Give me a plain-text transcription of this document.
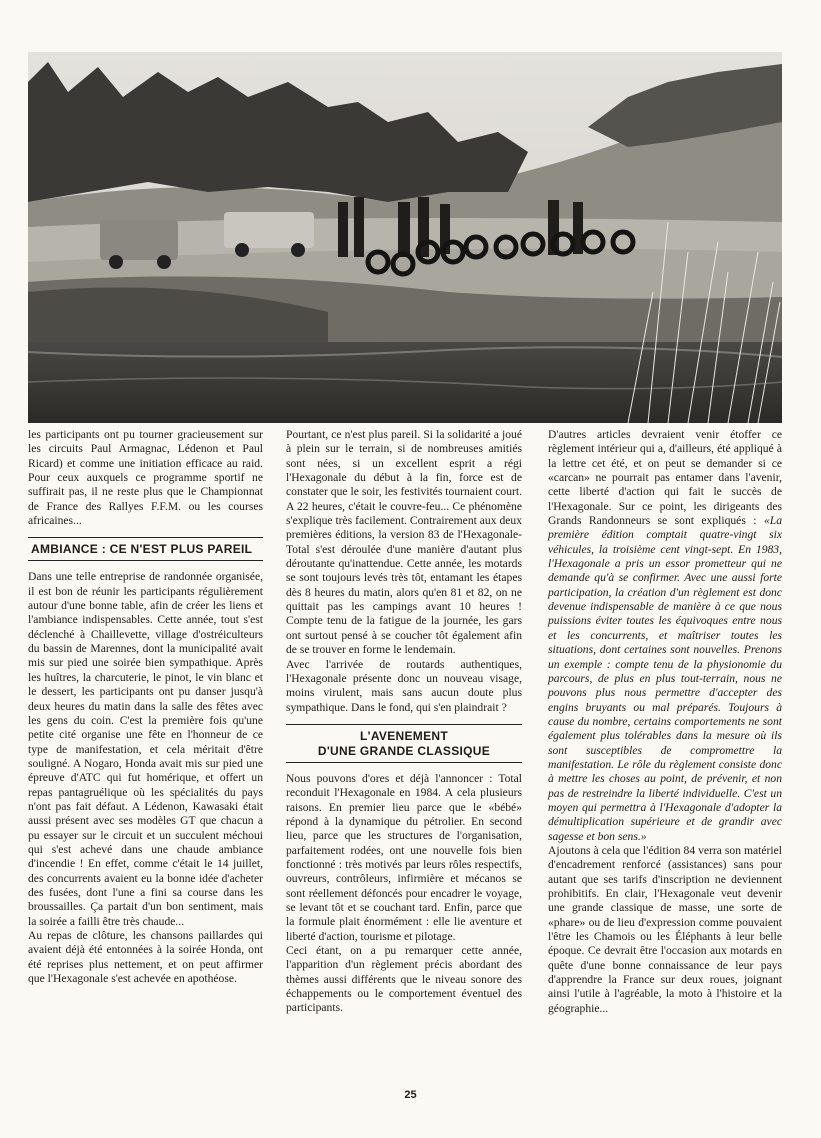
les participants ont pu tourner gracieusement sur les circuits Paul Armagnac, Lédenon et Paul Ricard) et comme une initiation efficace au raid. Pour ceux auxquels ce programme sportif ne suffirait pas, il ne reste plus que le Championnat de France des Rallyes F.F.M. ou les courses africaines...

AMBIANCE : CE N'EST PLUS PAREIL

Dans une telle entreprise de randonnée organisée, il est bon de réunir les participants régulièrement autour d'une bonne table, afin de créer les liens et l'ambiance indispensables. Cette année, tout s'est déclenché à Chaillevette, village d'ostréiculteurs du bassin de Marennes, dont la municipalité avait mis sur pied une soirée bien sympathique. Après les huîtres, la charcuterie, le pinot, le vin blanc et le dessert, les participants ont pu danser jusqu'à deux heures du matin dans la salle des fêtes avec les gens du coin. C'est la première fois qu'une petite cité organise une fête en l'honneur de ce type de manifestation, et cela méritait d'être souligné. A Nogaro, Honda avait mis sur pied une épreuve d'ATC qui fut homérique, et offert un repas pantagruélique où les spécialités du pays n'ont pas fait défaut. A Lédenon, Kawasaki était aussi présent avec ses modèles GT que chacun a pu essayer sur le circuit et un succulent méchoui qui s'est achevé dans une chaude ambiance d'incendie ! En effet, comme c'était le 14 juillet, des concurrents avaient eu la bonne idée d'acheter des fusées, dont l'une a fini sa course dans les broussailles. Ça partait d'un bon sentiment, mais la soirée a failli être très chaude...

Au repas de clôture, les chansons paillardes qui avaient déjà été entonnées à la soirée Honda, ont été reprises plus nettement, et on peut affirmer que l'Hexagonale s'est achevée en apothéose.

Pourtant, ce n'est plus pareil. Si la solidarité a joué à plein sur le terrain, si de nombreuses amitiés sont nées, si un excellent esprit a régi l'Hexagonale du début à la fin, force est de constater que le soir, les festivités tournaient court. A 22 heures, c'était le couvre-feu... Ce phénomène s'explique très facilement. Contrairement aux deux premières éditions, la version 83 de l'Hexagonale-Total s'est déroulée d'une manière d'autant plus déroutante qu'inattendue. Cette année, les motards se sont toujours levés très tôt, entamant les étapes dès 8 heures du matin, alors qu'en 81 et 82, on ne quittait pas les campings avant 10 heures ! Compte tenu de la fatigue de la journée, les gars ont surtout pensé à se coucher tôt également afin de se trouver en forme le lendemain.

Avec l'arrivée de routards authentiques, l'Hexagonale présente donc un nouveau visage, moins virulent, mais sans aucun doute plus sympathique. Dans le fond, qui s'en plaindrait ?

L'AVENEMENT
D'UNE GRANDE CLASSIQUE

Nous pouvons d'ores et déjà l'annoncer : Total reconduit l'Hexagonale en 1984. A cela plusieurs raisons. En premier lieu parce que le «bébé» répond à la dynamique du pétrolier. En second lieu, parce que les structures de l'organisation, parfaitement rodées, ont une nouvelle fois bien fonctionné : très motivés par leurs rôles respectifs, ouvreurs, contrôleurs, infirmière et mécanos se sont réellement défoncés pour encadrer le voyage, se levant tôt et se couchant tard. Enfin, parce que la formule plait énormément : elle lie aventure et liberté d'action, tourisme et pilotage.

Ceci étant, on a pu remarquer cette année, l'apparition d'un règlement précis abordant des thèmes aussi différents que le niveau sonore des échappements ou le comportement éventuel des participants.

D'autres articles devraient venir étoffer ce règlement intérieur qui a, d'ailleurs, été appliqué à la lettre cet été, et on peut se demander si ce «carcan» ne pourrait pas entamer dans l'avenir, cette liberté d'action qui fait le succès de l'Hexagonale. Sur ce point, les dirigeants des Grands Randonneurs se sont expliqués : «La première édition comptait quatre-vingt six véhicules, la troisième cent vingt-sept. En 1983, l'Hexagonale a pris un essor prometteur qui ne demande qu'à se confirmer. Avec une aussi forte participation, la création d'un règlement est donc devenue indispensable de manière à ce que nous puissions éviter toutes les équivoques entre nous et les concurrents, et maîtriser toutes les situations, dont certaines sont nouvelles. Prenons un exemple : compte tenu de la physionomie du parcours, de plus en plus tout-terrain, nous ne pouvons plus nous permettre d'accepter des engins bruyants ou mal préparés. Toujours à cause du nombre, certains comportements ne sont également plus tolérables dans la mesure où ils sont susceptibles de compromettre la manifestation. Le rôle du règlement consiste donc à mettre les choses au point, de prévenir, et non pas de restreindre la liberté individuelle. C'est un moyen qui permettra à l'Hexagonale d'adopter la démultiplication supérieure et de grandir avec sagesse et bon sens.»

Ajoutons à cela que l'édition 84 verra son matériel d'encadrement renforcé (assistances) sans pour autant que ses tarifs d'inscription ne deviennent prohibitifs. En clair, l'Hexagonale veut devenir une grande classique de masse, une sorte de «phare» ou de lieu d'expression comme pouvaient l'être les Chamois ou les Éléphants à leur belle époque. Ce devrait être l'occasion aux motards en quête d'une bonne connaissance de leur pays d'apprendre la France sur deux roues, joignant ainsi l'utile à l'agréable, la moto à l'histoire et la géographie...

25
